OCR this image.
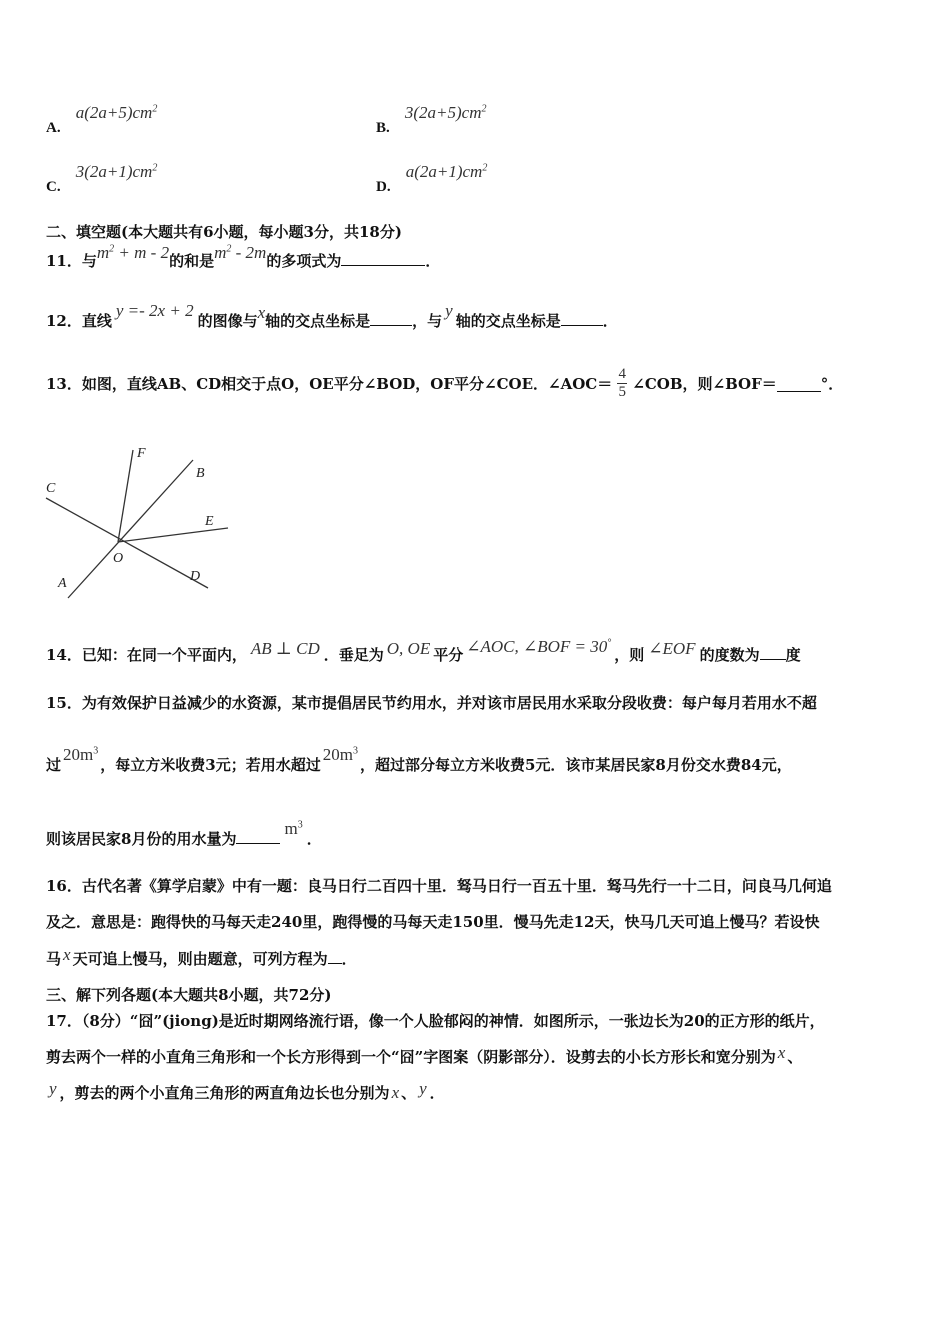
A. $a(2a+5)cm^2$
B. $3(2a+5)cm^2$
C. $3(2a+1)cm^2$
D. $a(2a+1)cm^2$
二、填空题(本大题共有6小题，每小题3分，共18分)
11．与$m^2 + m - 2$的和是$m^2 - 2m$的多项式为	．
12．直线y =- 2x + 2的图像与x轴的交点坐标是	，与y轴的交点坐标是	．
13．如图，直线AB、CD相交于点O，OE平分∠BOD，OF平分∠COE．∠AOC＝ $\frac{4}{5}$ ∠COB，则∠BOF＝	°．
F
B
C
E
O
D
A
14．已知：在同一个平面内， AB ⊥ CD ．垂足为 O, OE 平分 ∠AOC, ∠BOF = 30°，则 ∠EOF 的度数为 度
15．为有效保护日益减少的水资源，某市提倡居民节约用水，并对该市居民用水采取分段收费：每户每月若用水不超
过$20m^3$，每立方米收费3元；若用水超过$20m^3$，超过部分每立方米收费5元．该市某居民家8月份交水费84元，
则该居民家8月份的用水量为$m^3$．
16．古代名著《算学启蒙》中有一题：良马日行二百四十里．驽马日行一百五十里．驽马先行一十二日，问良马几何追
及之．意思是：跑得快的马每天走240里，跑得慢的马每天走150里．慢马先走12天，快马几天可追上慢马？若设快
马 x 天可追上慢马，则由题意，可列方程为 ．
三、解下列各题(本大题共8小题，共72分)
17．（8分）“囧”(jiong)是近时期网络流行语，像一个人脸郁闷的神情．如图所示，一张边长为20的正方形的纸片，
剪去两个一样的小直角三角形和一个长方形得到一个“囧”字图案（阴影部分）．设剪去的小长方形长和宽分别为 x 、
y ，剪去的两个小直角三角形的两直角边长也分别为 x 、 y ．
